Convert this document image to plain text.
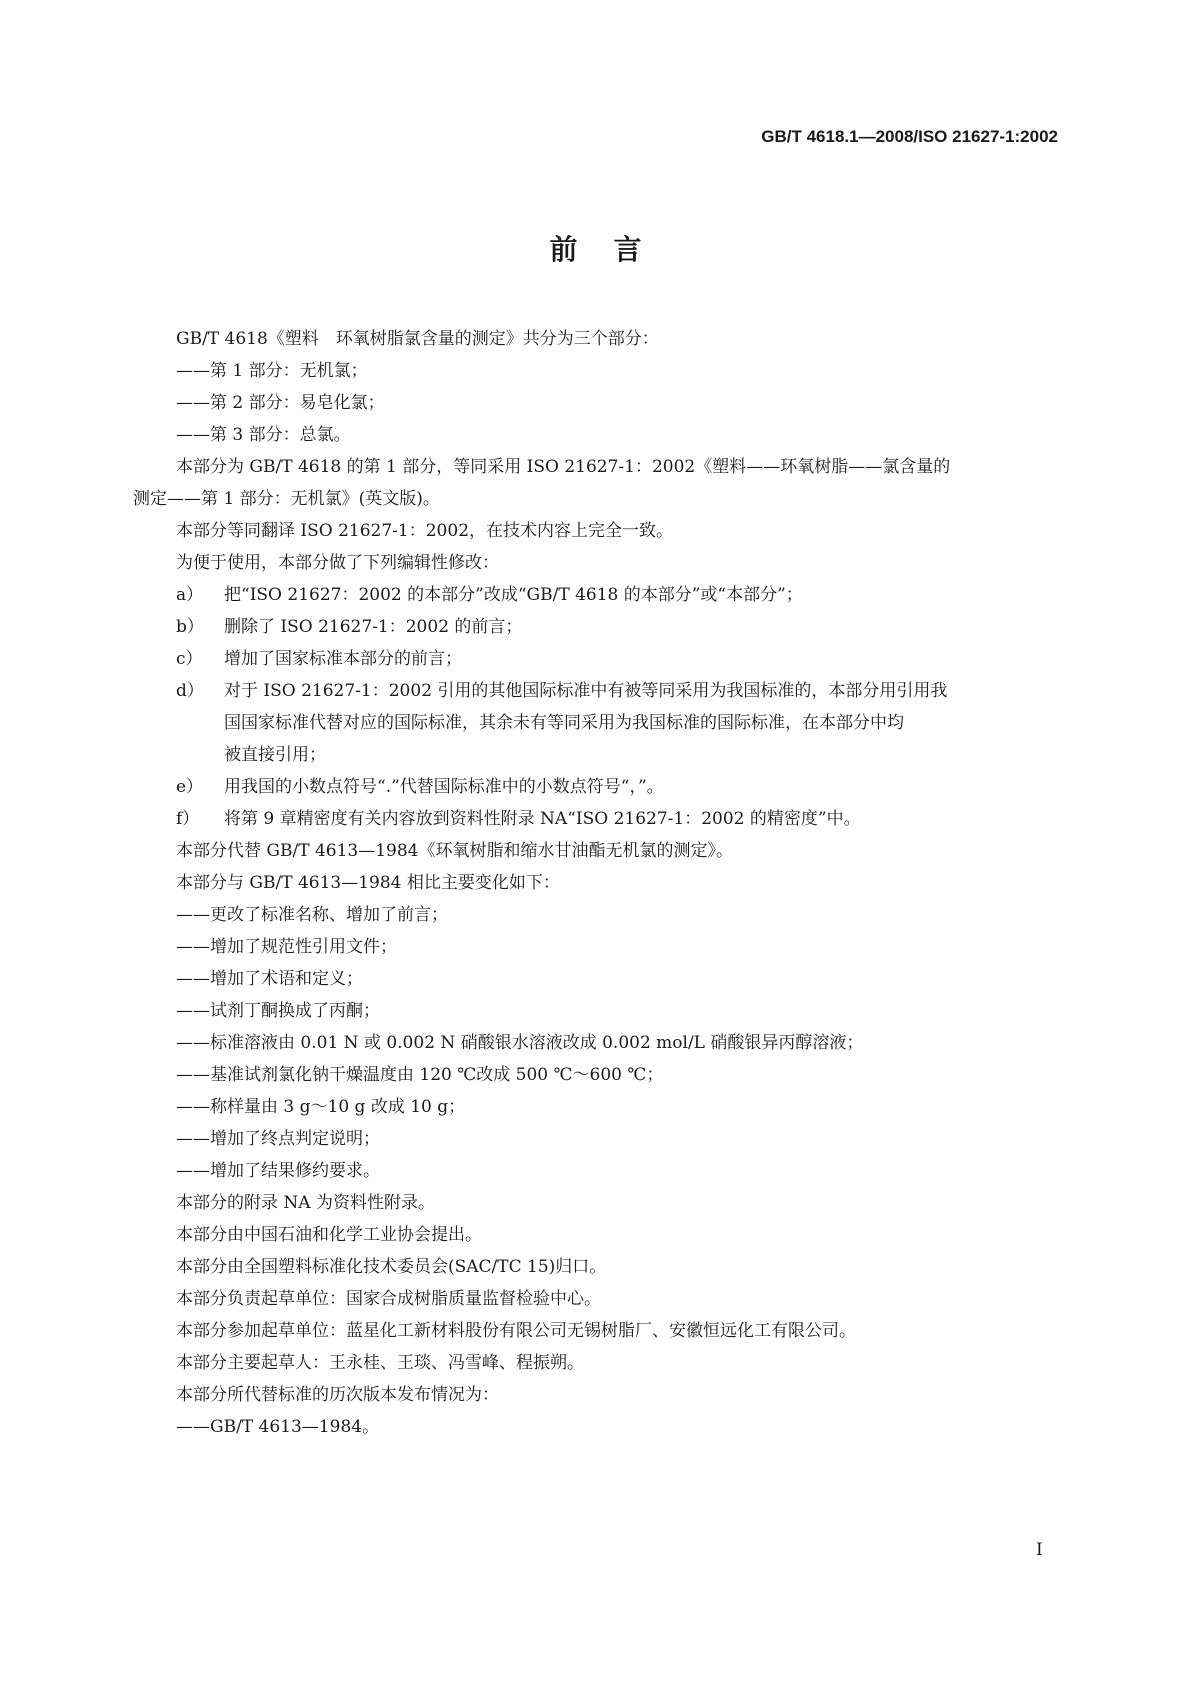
GB/T 4618.1—2008/ISO 21627-1:2002
前言
GB/T 4618《塑料　环氧树脂氯含量的测定》共分为三个部分：
——第 1 部分：无机氯；
——第 2 部分：易皂化氯；
——第 3 部分：总氯。
本部分为 GB/T 4618 的第 1 部分，等同采用 ISO 21627-1：2002《塑料——环氧树脂——氯含量的
测定——第 1 部分：无机氯》(英文版)。
本部分等同翻译 ISO 21627-1：2002，在技术内容上完全一致。
为便于使用，本部分做了下列编辑性修改：
a）	把“ISO 21627：2002 的本部分”改成“GB/T 4618 的本部分”或“本部分”；
b）	删除了 ISO 21627-1：2002 的前言；
c）	增加了国家标准本部分的前言；
d）	对于 ISO 21627-1：2002 引用的其他国际标准中有被等同采用为我国标准的，本部分用引用我
国国家标准代替对应的国际标准，其余未有等同采用为我国标准的国际标准，在本部分中均
被直接引用；
e）	用我国的小数点符号“.”代替国际标准中的小数点符号“，”。
f）	将第 9 章精密度有关内容放到资料性附录 NA“ISO 21627-1：2002 的精密度”中。
本部分代替 GB/T 4613—1984《环氧树脂和缩水甘油酯无机氯的测定》。
本部分与 GB/T 4613—1984 相比主要变化如下：
——更改了标准名称、增加了前言；
——增加了规范性引用文件；
——增加了术语和定义；
——试剂丁酮换成了丙酮；
——标准溶液由 0.01 N 或 0.002 N 硝酸银水溶液改成 0.002 mol/L 硝酸银异丙醇溶液；
——基准试剂氯化钠干燥温度由 120 ℃改成 500 ℃～600 ℃；
——称样量由 3 g～10 g 改成 10 g；
——增加了终点判定说明；
——增加了结果修约要求。
本部分的附录 NA 为资料性附录。
本部分由中国石油和化学工业协会提出。
本部分由全国塑料标准化技术委员会(SAC/TC 15)归口。
本部分负责起草单位：国家合成树脂质量监督检验中心。
本部分参加起草单位：蓝星化工新材料股份有限公司无锡树脂厂、安徽恒远化工有限公司。
本部分主要起草人：王永桂、王琰、冯雪峰、程振朔。
本部分所代替标准的历次版本发布情况为：
——GB/T 4613—1984。
I
